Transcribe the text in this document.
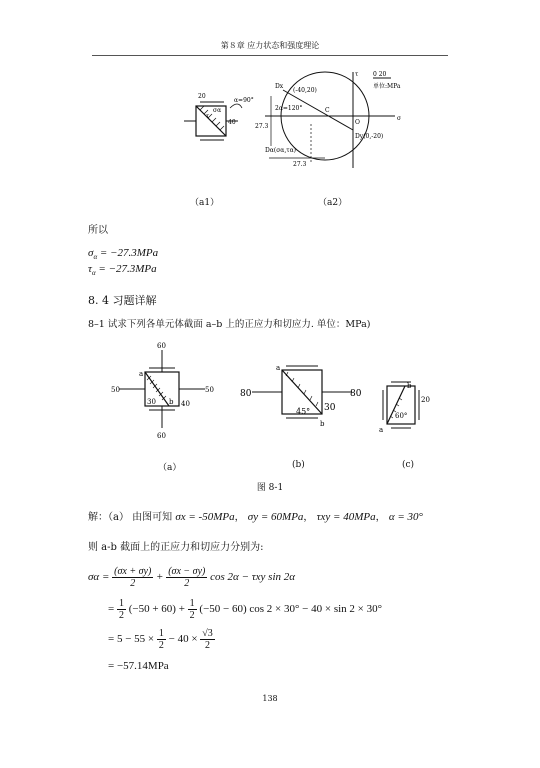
第８章 应力状态和强度理论
20
α=90°
40
τ
σα
τ 0 20
单位:MPa
Dx
(-40,20)
2α=120°	C
O
σ
27.3
Dy(0,-20)
Dα(σα,τα)
27.3
（a1）	（a2）
所以
$\sigma_\alpha = -27.3MPa$
$\tau_\alpha = -27.3MPa$
8. 4 习题详解
8–1 试求下列各单元体截面 a–b 上的正应力和切应力. 单位：MPa)
60
60
50	50
40
30
a
b
80	80
30
45°
a
b
20
60°
a
b
（a）	(b)	(c)
图 8-1
解：（a） 由图可知 σx = -50MPa， σy = 60MPa， τxy = 40MPa， α = 30°
则 a-b 截面上的正应力和切应力分别为:
$\sigma\alpha = \frac{(\sigma x + \sigma y)}{2} + \frac{(\sigma x - \sigma y)}{2}$ cos 2α − τxy sin 2α
= $\frac{1}{2} (-50 + 60) + \frac{1}{2} (-50 - 60)$ cos 2 × 30° − 40 × sin 2 × 30°
= $5 - 55 \times \frac{1}{2} - 40 \times \frac{√3}{2}$
= −57.14MPa
138
